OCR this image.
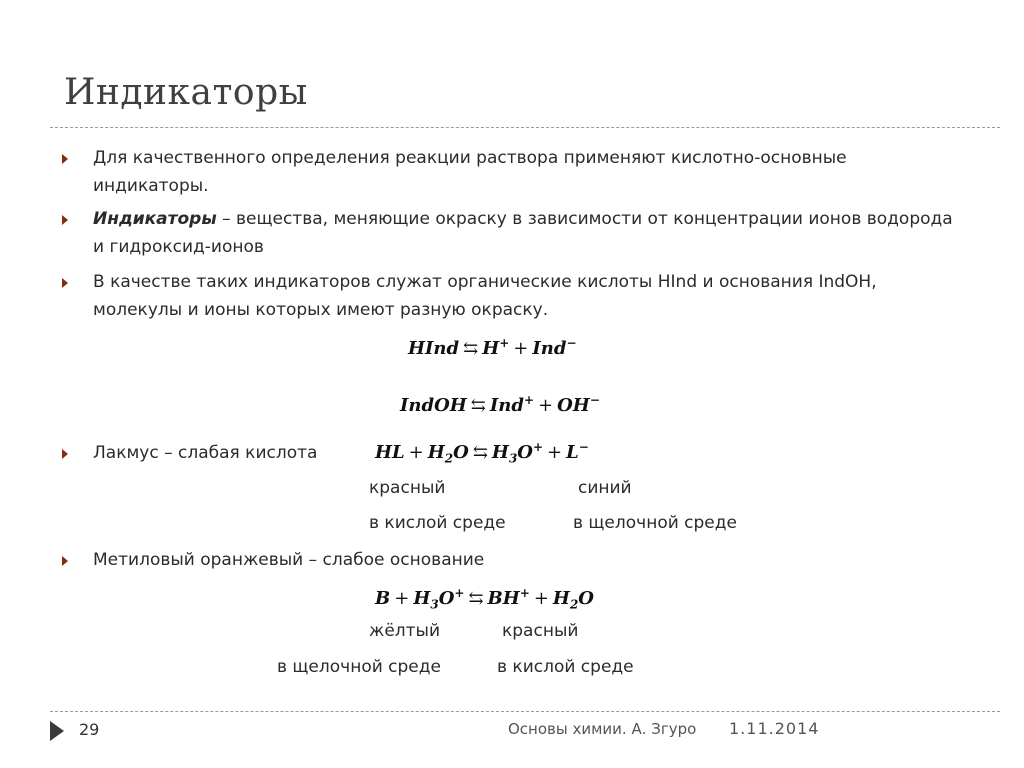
Индикаторы
Для качественного определения реакции раствора применяют кислотно-основные индикаторы.
Индикаторы – вещества, меняющие окраску в зависимости от концентрации ионов водорода и гидроксид-ионов
В качестве таких индикаторов служат органические кислоты HInd и основания IndOH, молекулы и ионы которых имеют разную окраску.
HInd ⇆ H+ + Ind−
IndOH ⇆ Ind+ + OH−
Лакмус – слабая кислота	HL + $H_2O$ ⇆ $H_3O^+ + L^-$
красный	синий
в кислой среде	в щелочной среде
Метиловый оранжевый – слабое основание
$B + H_3O^+$ ⇆ $BH^+ + H_2O$
жёлтый	красный
в щелочной среде	в кислой среде
29	Основы химии. А. Згуро 1.11.2014
